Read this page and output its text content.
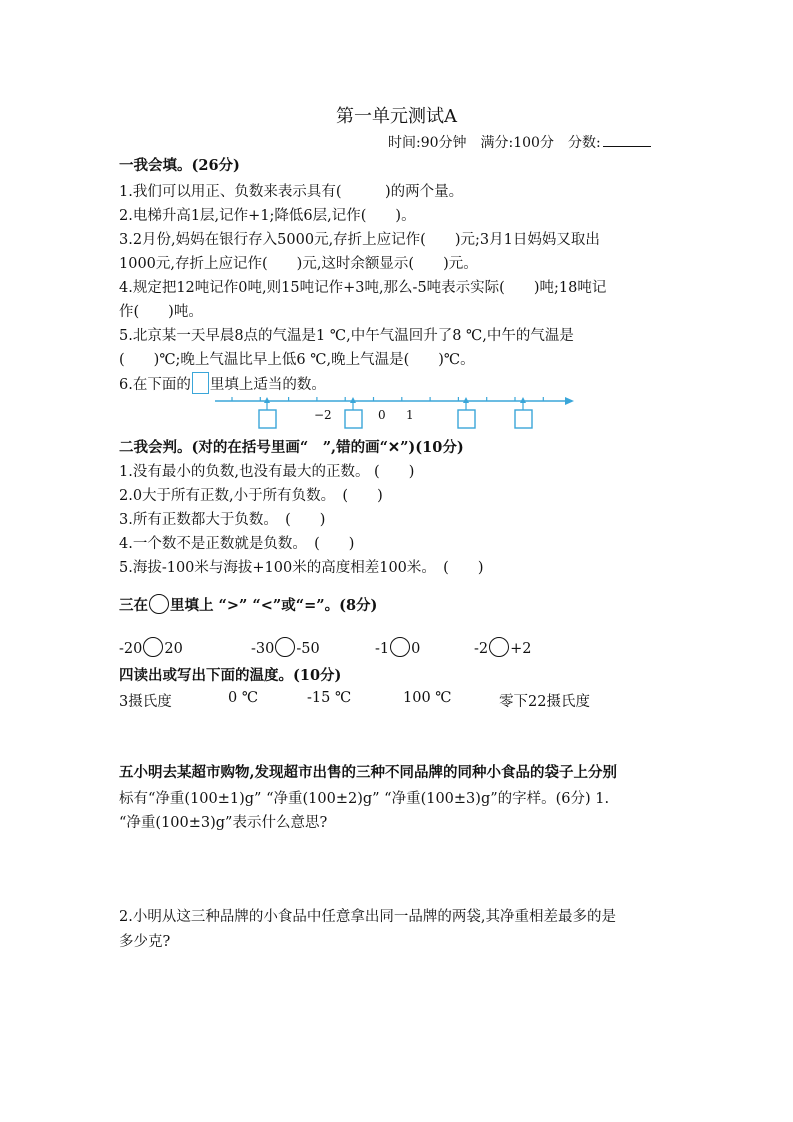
第一单元测试A
时间:90分钟　满分:100分　分数:
一我会填。(26分)
1.我们可以用正、负数来表示具有(　　　)的两个量。
2.电梯升高1层,记作+1;降低6层,记作(　　)。
3.2月份,妈妈在银行存入5000元,存折上应记作(　　)元;3月1日妈妈又取出
1000元,存折上应记作(　　)元,这时余额显示(　　)元。
4.规定把12吨记作0吨,则15吨记作+3吨,那么-5吨表示实际(　　)吨;18吨记
作(　　)吨。
5.北京某一天早晨8点的气温是1 ℃,中午气温回升了8 ℃,中午的气温是
(　　)℃;晚上气温比早上低6 ℃,晚上气温是(　　)℃。
6.在下面的 里填上适当的数。
−2	0 1
二我会判。(对的在括号里画“　”,错的画“✕”)(10分)
1.没有最小的负数,也没有最大的正数。 (　　)
2.0大于所有正数,小于所有负数。　(　　)
3.所有正数都大于负数。　(　　)
4.一个数不是正数就是负数。　(　　)
5.海拔-100米与海拔+100米的高度相差100米。　(　　)
三在 里填上 “>” “<”或“=”。(8分)
-20 20	-30 -50	-1 0	-2 +2
四读出或写出下面的温度。(10分)
3摄氏度	0 ℃	-15 ℃	100 ℃	零下22摄氏度
五小明去某超市购物,发现超市出售的三种不同品牌的同种小食品的袋子上分别
标有“净重(100±1)g” “净重(100±2)g” “净重(100±3)g”的字样。(6分) 1.
“净重(100±3)g”表示什么意思?
2.小明从这三种品牌的小食品中任意拿出同一品牌的两袋,其净重相差最多的是
多少克?
